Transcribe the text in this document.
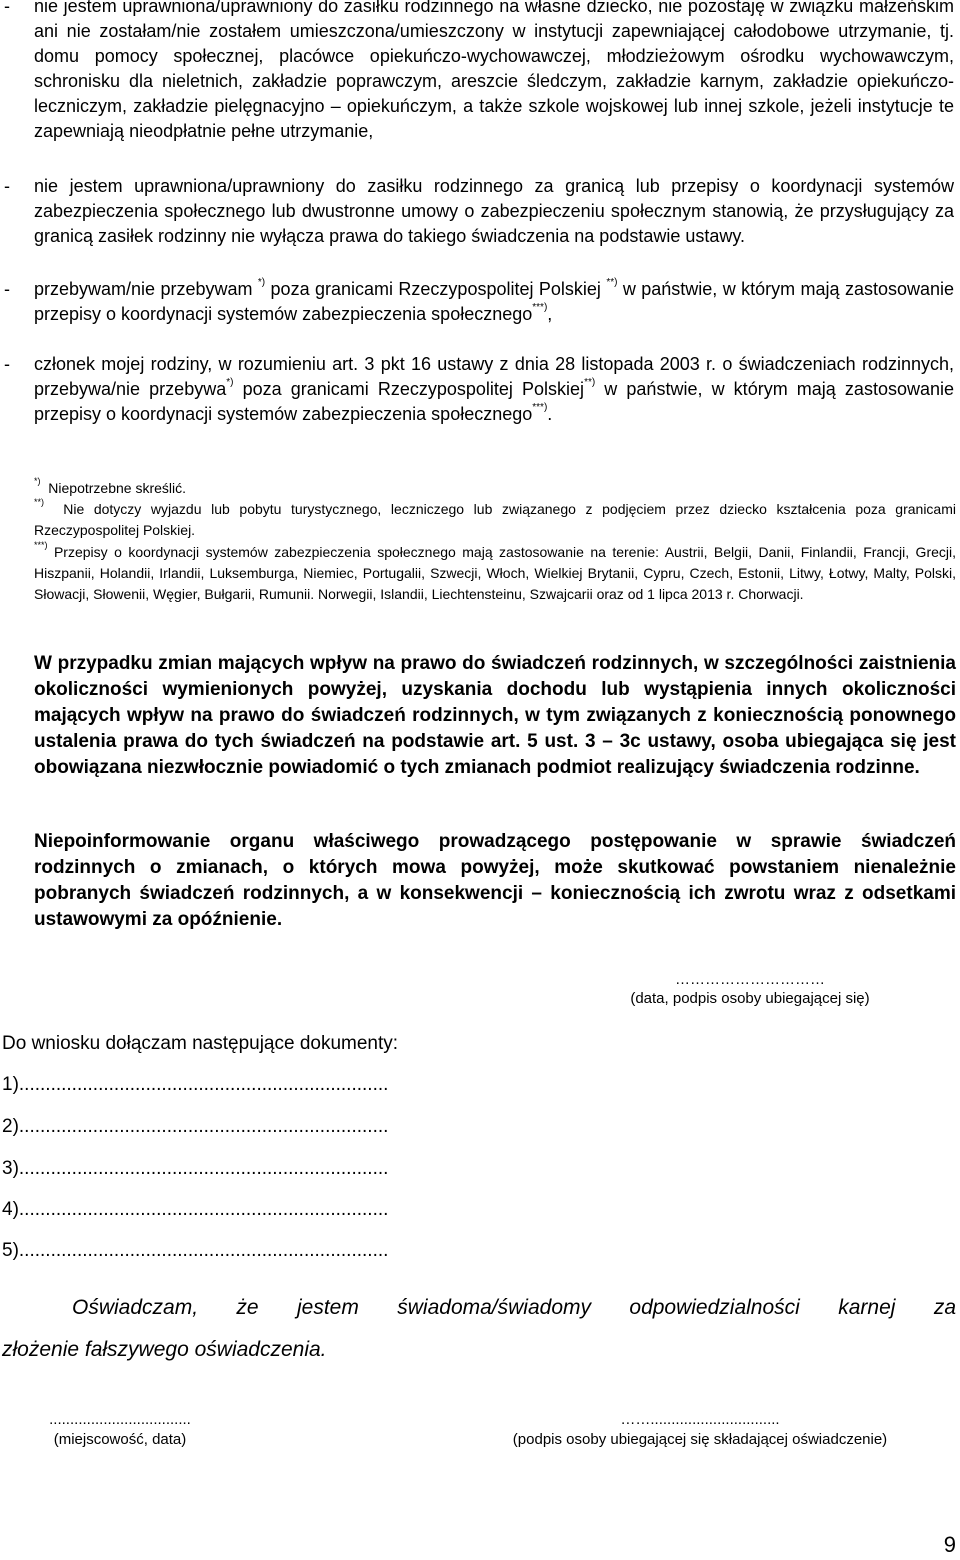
- nie jestem uprawniona/uprawniony do zasiłku rodzinnego na własne dziecko, nie pozostaję w związku małżeńskim ani nie zostałam/nie zostałem umieszczona/umieszczony w instytucji zapewniającej całodobowe utrzymanie, tj. domu pomocy społecznej, placówce opiekuńczo-wychowawczej, młodzieżowym ośrodku wychowawczym, schronisku dla nieletnich, zakładzie poprawczym, areszcie śledczym, zakładzie karnym, zakładzie opiekuńczo-leczniczym, zakładzie pielęgnacyjno – opiekuńczym, a także szkole wojskowej lub innej szkole, jeżeli instytucje te zapewniają nieodpłatnie pełne utrzymanie,
- nie jestem uprawniona/uprawniony do zasiłku rodzinnego za granicą lub przepisy o koordynacji systemów zabezpieczenia społecznego lub dwustronne umowy o zabezpieczeniu społecznym stanowią, że przysługujący za granicą zasiłek rodzinny nie wyłącza prawa do takiego świadczenia na podstawie ustawy.
- przebywam/nie przebywam *) poza granicami Rzeczypospolitej Polskiej **) w państwie, w którym mają zastosowanie przepisy o koordynacji systemów zabezpieczenia społecznego***),
- członek mojej rodziny, w rozumieniu art. 3 pkt 16 ustawy z dnia 28 listopada 2003 r. o świadczeniach rodzinnych, przebywa/nie przebywa*) poza granicami Rzeczypospolitej Polskiej**) w państwie, w którym mają zastosowanie przepisy o koordynacji systemów zabezpieczenia społecznego***).
*)  Niepotrzebne skreślić.
**)  Nie dotyczy wyjazdu lub pobytu turystycznego, leczniczego lub związanego z podjęciem przez dziecko kształcenia poza granicami Rzeczypospolitej Polskiej.
***) Przepisy o koordynacji systemów zabezpieczenia społecznego mają zastosowanie na terenie: Austrii, Belgii, Danii, Finlandii, Francji, Grecji, Hiszpanii, Holandii, Irlandii, Luksemburga, Niemiec, Portugalii, Szwecji, Włoch, Wielkiej Brytanii, Cypru, Czech, Estonii, Litwy, Łotwy, Malty, Polski, Słowacji, Słowenii, Węgier, Bułgarii, Rumunii. Norwegii, Islandii, Liechtensteinu, Szwajcarii oraz od 1 lipca 2013 r. Chorwacji.
W przypadku zmian mających wpływ na prawo do świadczeń rodzinnych, w szczególności zaistnienia okoliczności wymienionych powyżej, uzyskania dochodu lub wystąpienia innych okoliczności mających wpływ na prawo do świadczeń rodzinnych, w tym związanych z koniecznością ponownego ustalenia prawa do tych świadczeń na podstawie art. 5 ust. 3 – 3c ustawy, osoba ubiegająca się jest obowiązana niezwłocznie powiadomić o tych zmianach podmiot realizujący świadczenia rodzinne.
Niepoinformowanie organu właściwego prowadzącego postępowanie w sprawie świadczeń rodzinnych o zmianach, o których mowa powyżej, może skutkować powstaniem nienależnie pobranych świadczeń rodzinnych, a w konsekwencji – koniecznością ich zwrotu wraz z odsetkami ustawowymi za opóźnienie.
…………………………
(data, podpis osoby ubiegającej się)
Do wniosku dołączam następujące dokumenty:
1)......................................................................
2)......................................................................
3)......................................................................
4)......................................................................
5)......................................................................
Oświadczam, że jestem świadoma/świadomy odpowiedzialności karnej za
złożenie fałszywego oświadczenia.
..................................
(miejscowość, data)
……...............................
(podpis osoby ubiegającej się składającej oświadczenie)
9
